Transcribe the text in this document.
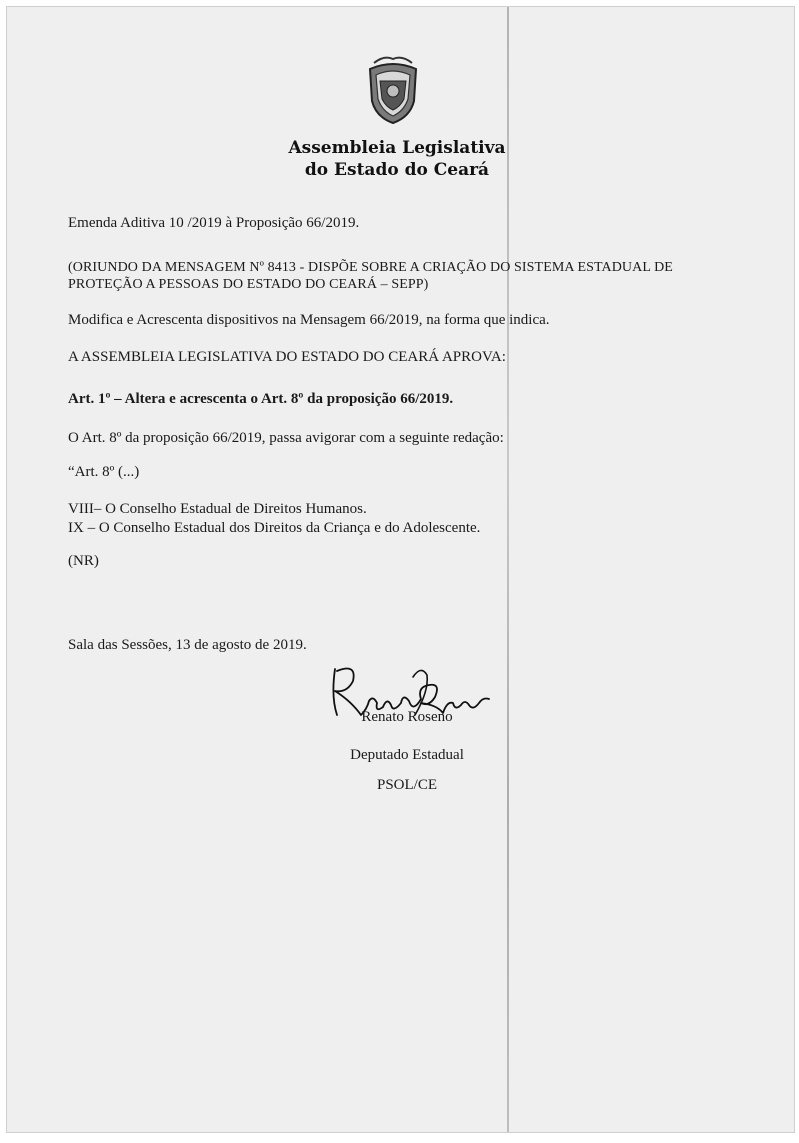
Assembleia Legislativa
do Estado do Ceará
Emenda Aditiva 10 /2019 à Proposição 66/2019.
(ORIUNDO DA MENSAGEM Nº 8413 - DISPÕE SOBRE A CRIAÇÃO DO SISTEMA ESTADUAL DE
PROTEÇÃO A PESSOAS DO ESTADO DO CEARÁ – SEPP)
Modifica e Acrescenta dispositivos na Mensagem 66/2019, na forma que indica.
A ASSEMBLEIA LEGISLATIVA DO ESTADO DO CEARÁ APROVA:
Art. 1º – Altera e acrescenta o Art. 8º da proposição 66/2019.
O Art. 8º da proposição 66/2019, passa avigorar com a seguinte redação:
“Art. 8º (...)
VIII– O Conselho Estadual de Direitos Humanos.
IX – O Conselho Estadual dos Direitos da Criança e do Adolescente.
(NR)
Sala das Sessões, 13 de agosto de 2019.
Renato Roseno
Deputado Estadual
PSOL/CE
